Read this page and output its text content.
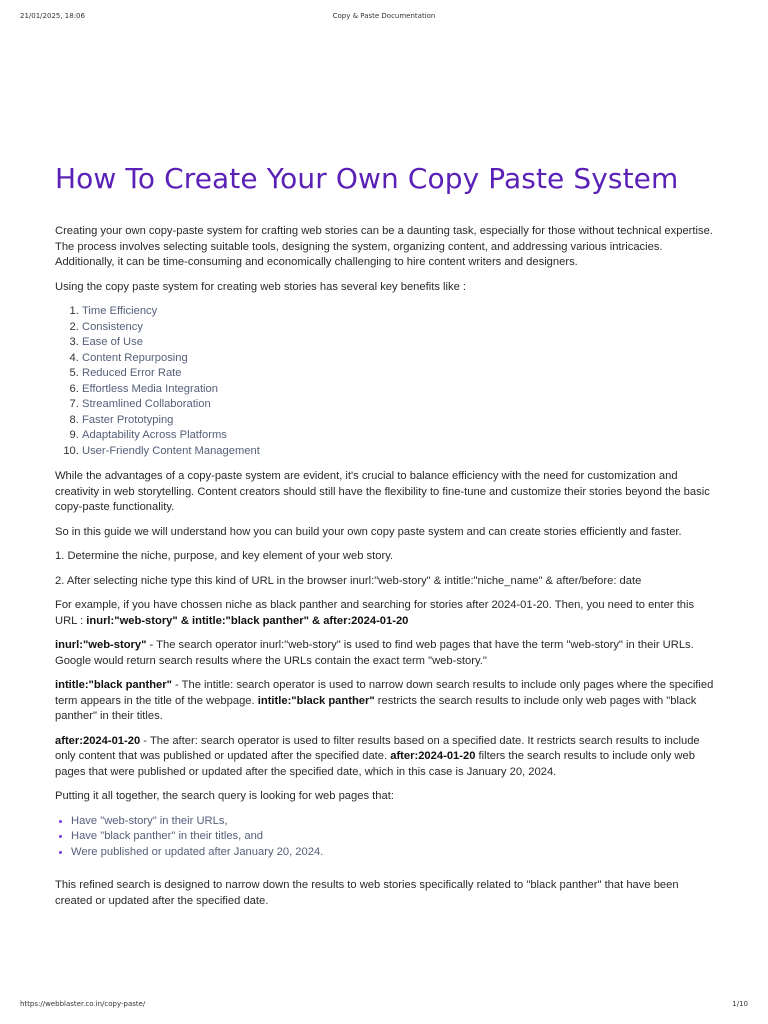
21/01/2025, 18:06	Copy & Paste Documentation
How To Create Your Own Copy Paste System

Creating your own copy-paste system for crafting web stories can be a daunting task, especially for those without technical expertise. The process involves selecting suitable tools, designing the system, organizing content, and addressing various intricacies. Additionally, it can be time-consuming and economically challenging to hire content writers and designers.

Using the copy paste system for creating web stories has several key benefits like :

1. Time Efficiency
2. Consistency
3. Ease of Use
4. Content Repurposing
5. Reduced Error Rate
6. Effortless Media Integration
7. Streamlined Collaboration
8. Faster Prototyping
9. Adaptability Across Platforms
10. User-Friendly Content Management

While the advantages of a copy-paste system are evident, it's crucial to balance efficiency with the need for customization and creativity in web storytelling. Content creators should still have the flexibility to fine-tune and customize their stories beyond the basic copy-paste functionality.

So in this guide we will understand how you can build your own copy paste system and can create stories efficiently and faster.

1. Determine the niche, purpose, and key element of your web story.

2. After selecting niche type this kind of URL in the browser inurl:"web-story" & intitle:"niche_name" & after/before: date

For example, if you have chossen niche as black panther and searching for stories after 2024-01-20. Then, you need to enter this URL : inurl:"web-story" & intitle:"black panther" & after:2024-01-20

inurl:"web-story" - The search operator inurl:"web-story" is used to find web pages that have the term "web-story" in their URLs. Google would return search results where the URLs contain the exact term "web-story."

intitle:"black panther" - The intitle: search operator is used to narrow down search results to include only pages where the specified term appears in the title of the webpage. intitle:"black panther" restricts the search results to include only web pages with "black panther" in their titles.

after:2024-01-20 - The after: search operator is used to filter results based on a specified date. It restricts search results to include only content that was published or updated after the specified date. after:2024-01-20 filters the search results to include only web pages that were published or updated after the specified date, which in this case is January 20, 2024.

Putting it all together, the search query is looking for web pages that:

• Have "web-story" in their URLs,
• Have "black panther" in their titles, and
• Were published or updated after January 20, 2024.

This refined search is designed to narrow down the results to web stories specifically related to "black panther" that have been created or updated after the specified date.

https://webblaster.co.in/copy-paste/	1/10
